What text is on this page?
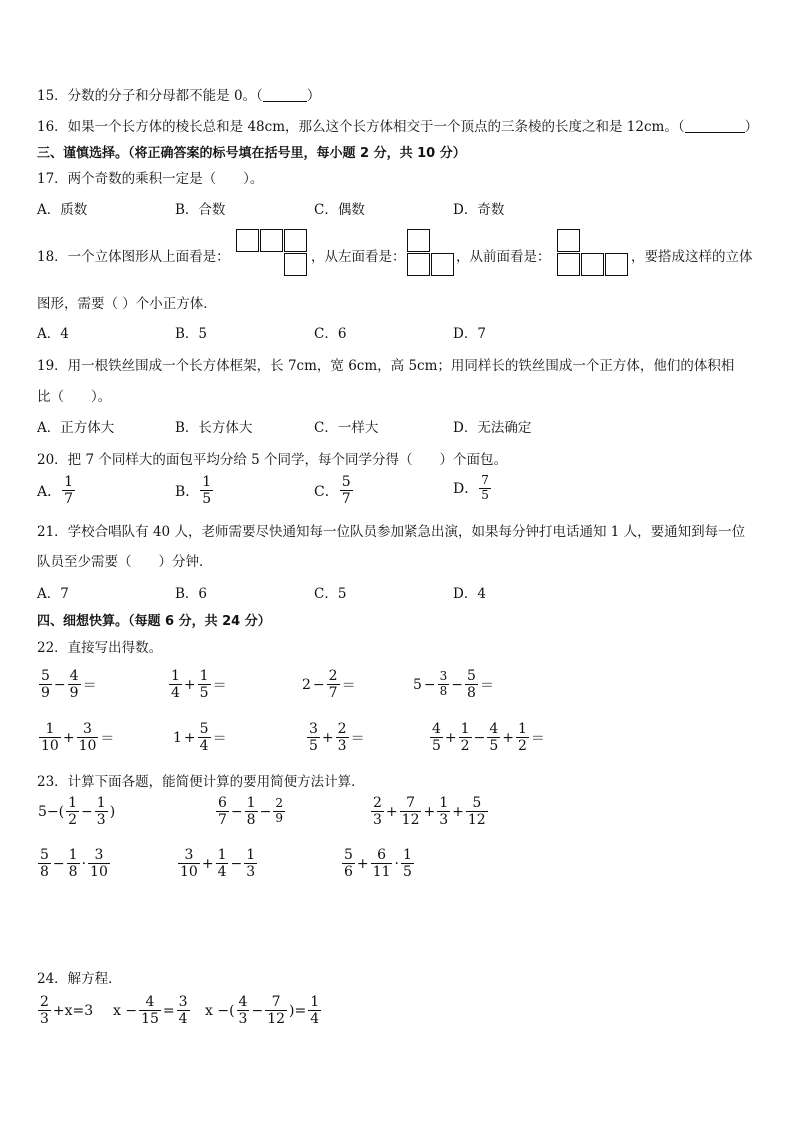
15．分数的分子和分母都不能是 0。（	）
16．如果一个长方体的棱长总和是 48cm，那么这个长方体相交于一个顶点的三条棱的长度之和是 12cm。（	）
三、谨慎选择。（将正确答案的标号填在括号里，每小题 2 分，共 10 分）
17．两个奇数的乘积一定是（　　）。
A．质数	B．合数	C．偶数	D．奇数
18．一个立体图形从上面看是：	，从左面看是：	，从前面看是：	，要搭成这样的立体
图形，需要（ ）个小正方体．
A．4	B．5	C．6	D．7
19．用一根铁丝围成一个长方体框架，长 7cm，宽 6cm，高 5cm；用同样长的铁丝围成一个正方体，他们的体积相
比（　　）。
A．正方体大	B．长方体大	C．一样大	D．无法确定
20．把 7 个同样大的面包平均分给 5 个同学，每个同学分得（　　）个面包。
A． $\frac{1}{7}$	B． $\frac{1}{5}$	C． $\frac{5}{7}$	D． $\frac{7}{5}$
21．学校合唱队有 40 人，老师需要尽快通知每一位队员参加紧急出演，如果每分钟打电话通知 1 人，要通知到每一位
队员至少需要（　　）分钟．
A．7	B．6	C．5	D．4
四、细想快算。（每题 6 分，共 24 分）
22．直接写出得数。
$\frac{5}{9} - \frac{4}{9}$ ＝	$\frac{1}{4} + \frac{1}{5}$ ＝	$2 - \frac{2}{7}$ ＝	$5 - \frac{3}{8} - \frac{5}{8}$ ＝
$\frac{1}{10} + \frac{3}{10}$ ＝	$1 + \frac{5}{4}$ ＝	$\frac{3}{5} + \frac{2}{3}$ ＝	$\frac{4}{5} + \frac{1}{2} - \frac{4}{5} + \frac{1}{2}$ ＝
23．计算下面各题，能简便计算的要用简便方法计算．
$5-( \frac{1}{2} - \frac{1}{3}$ )	$\frac{6}{7} - \frac{1}{8} - \frac{2}{9}$	$\frac{2}{3} + \frac{7}{12} + \frac{1}{3} + \frac{5}{12}$
$\frac{5}{8} - \frac{1}{8} \cdot \frac{3}{10}$	$\frac{3}{10} + \frac{1}{4} - \frac{1}{3}$	$\frac{5}{6} + \frac{6}{11} \cdot \frac{1}{5}$
24．解方程．
$\frac{2}{3} +x=3$ $x - \frac{4}{15} = \frac{3}{4}$ x −( $\frac{4}{3} - \frac{7}{12}$ )= $\frac{1}{4}$
